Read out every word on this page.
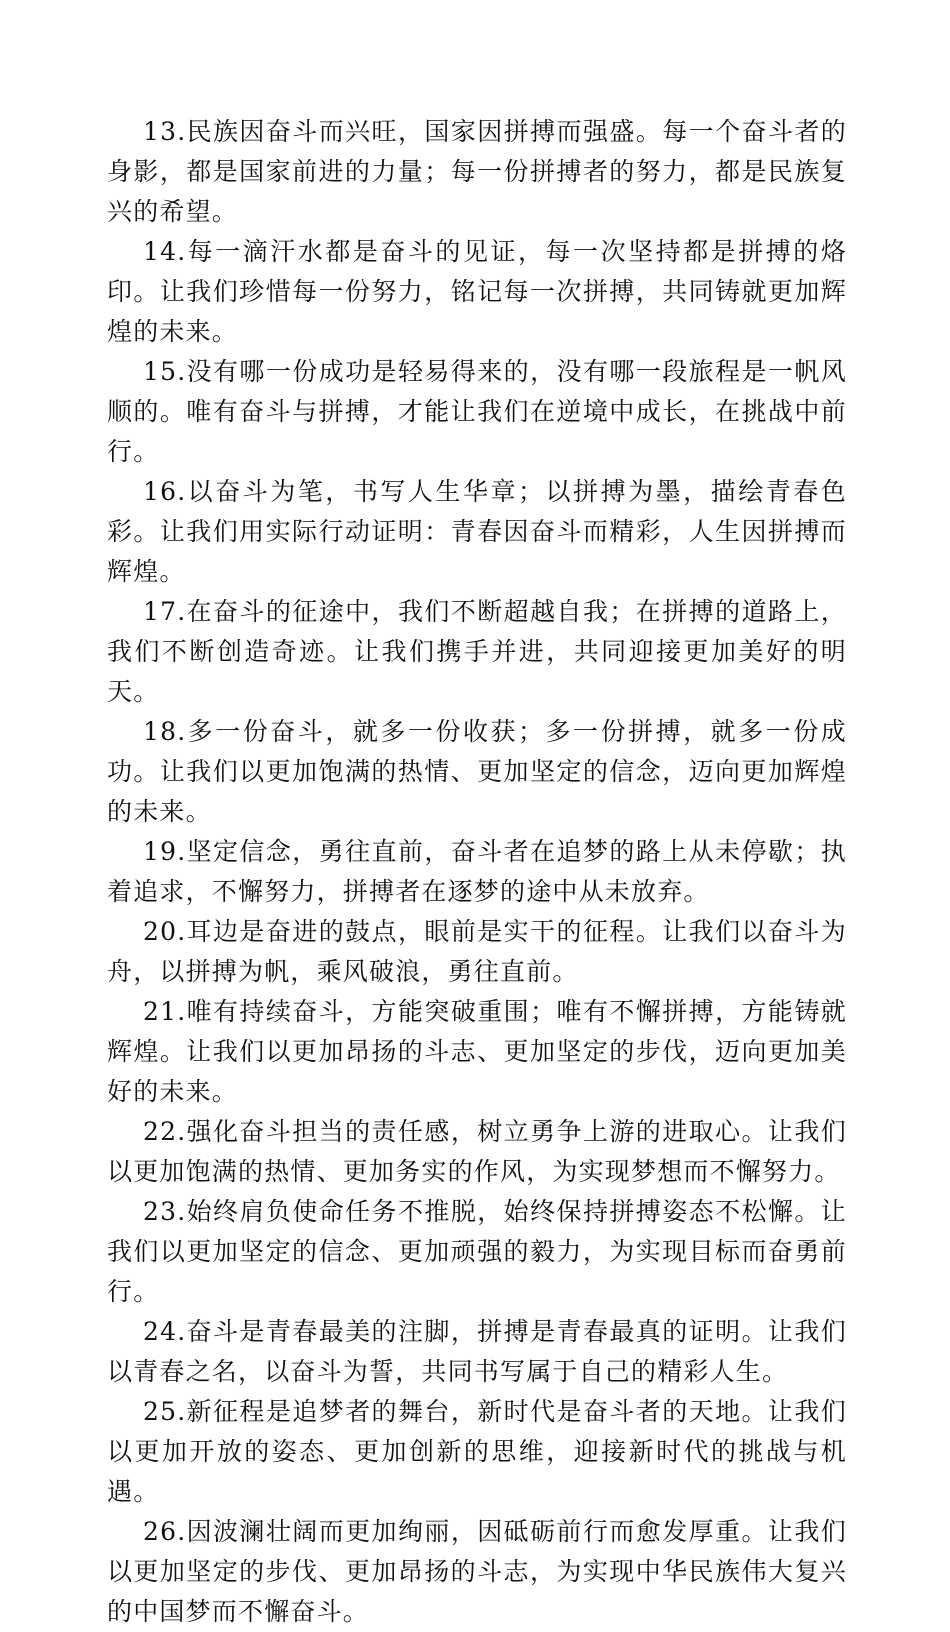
13.民族因奋斗而兴旺，国家因拼搏而强盛。每一个奋斗者的身影，都是国家前进的力量；每一份拼搏者的努力，都是民族复兴的希望。

14.每一滴汗水都是奋斗的见证，每一次坚持都是拼搏的烙印。让我们珍惜每一份努力，铭记每一次拼搏，共同铸就更加辉煌的未来。

15.没有哪一份成功是轻易得来的，没有哪一段旅程是一帆风顺的。唯有奋斗与拼搏，才能让我们在逆境中成长，在挑战中前行。

16.以奋斗为笔，书写人生华章；以拼搏为墨，描绘青春色彩。让我们用实际行动证明：青春因奋斗而精彩，人生因拼搏而辉煌。

17.在奋斗的征途中，我们不断超越自我；在拼搏的道路上，我们不断创造奇迹。让我们携手并进，共同迎接更加美好的明天。

18.多一份奋斗，就多一份收获；多一份拼搏，就多一份成功。让我们以更加饱满的热情、更加坚定的信念，迈向更加辉煌的未来。

19.坚定信念，勇往直前，奋斗者在追梦的路上从未停歇；执着追求，不懈努力，拼搏者在逐梦的途中从未放弃。

20.耳边是奋进的鼓点，眼前是实干的征程。让我们以奋斗为舟，以拼搏为帆，乘风破浪，勇往直前。

21.唯有持续奋斗，方能突破重围；唯有不懈拼搏，方能铸就辉煌。让我们以更加昂扬的斗志、更加坚定的步伐，迈向更加美好的未来。

22.强化奋斗担当的责任感，树立勇争上游的进取心。让我们以更加饱满的热情、更加务实的作风，为实现梦想而不懈努力。

23.始终肩负使命任务不推脱，始终保持拼搏姿态不松懈。让我们以更加坚定的信念、更加顽强的毅力，为实现目标而奋勇前行。

24.奋斗是青春最美的注脚，拼搏是青春最真的证明。让我们以青春之名，以奋斗为誓，共同书写属于自己的精彩人生。

25.新征程是追梦者的舞台，新时代是奋斗者的天地。让我们以更加开放的姿态、更加创新的思维，迎接新时代的挑战与机遇。

26.因波澜壮阔而更加绚丽，因砥砺前行而愈发厚重。让我们以更加坚定的步伐、更加昂扬的斗志，为实现中华民族伟大复兴的中国梦而不懈奋斗。
